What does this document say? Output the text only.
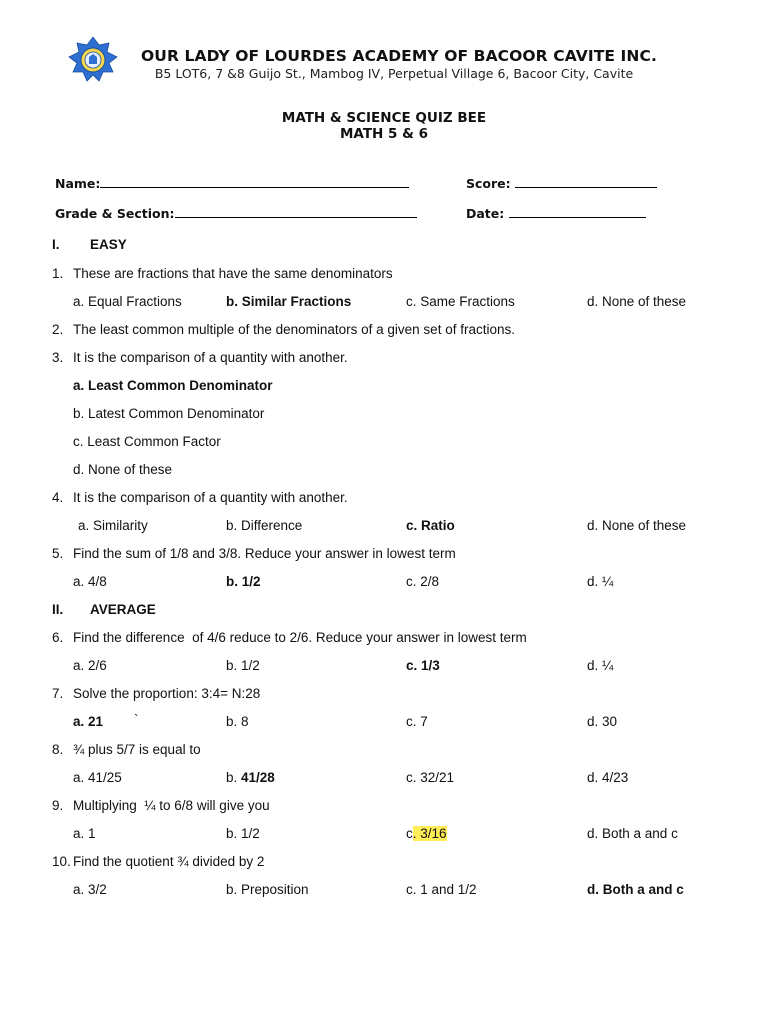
OUR LADY OF LOURDES ACADEMY OF BACOOR CAVITE INC.
B5 LOT6, 7 &8 Guijo St., Mambog IV, Perpetual Village 6, Bacoor City, Cavite
MATH & SCIENCE QUIZ BEE
MATH 5 & 6
Name:	Score:
Grade & Section:	Date:
I. EASY
1. These are fractions that have the same denominators
a. Equal Fractions	b. Similar Fractions	c. Same Fractions	d. None of these
2. The least common multiple of the denominators of a given set of fractions.
3. It is the comparison of a quantity with another.
a. Least Common Denominator
b. Latest Common Denominator
c. Least Common Factor
d. None of these
4. It is the comparison of a quantity with another.
a. Similarity	b. Difference	c. Ratio	d. None of these
5. Find the sum of 1/8 and 3/8. Reduce your answer in lowest term
a. 4/8	b. 1/2	c. 2/8	d. ¼
II. AVERAGE
6. Find the difference  of 4/6 reduce to 2/6. Reduce your answer in lowest term
a. 2/6	b. 1/2	c. 1/3	d. ¼
7. Solve the proportion: 3:4= N:28
a. 21 `	b. 8	c. 7	d. 30
8. ¾ plus 5/7 is equal to
a. 41/25	b. 41/28	c. 32/21	d. 4/23
9. Multiplying  ¼ to 6/8 will give you
a. 1	b. 1/2	c. 3/16	d. Both a and c
10. Find the quotient ¾ divided by 2
a. 3/2	b. Preposition	c. 1 and 1/2	d. Both a and c
